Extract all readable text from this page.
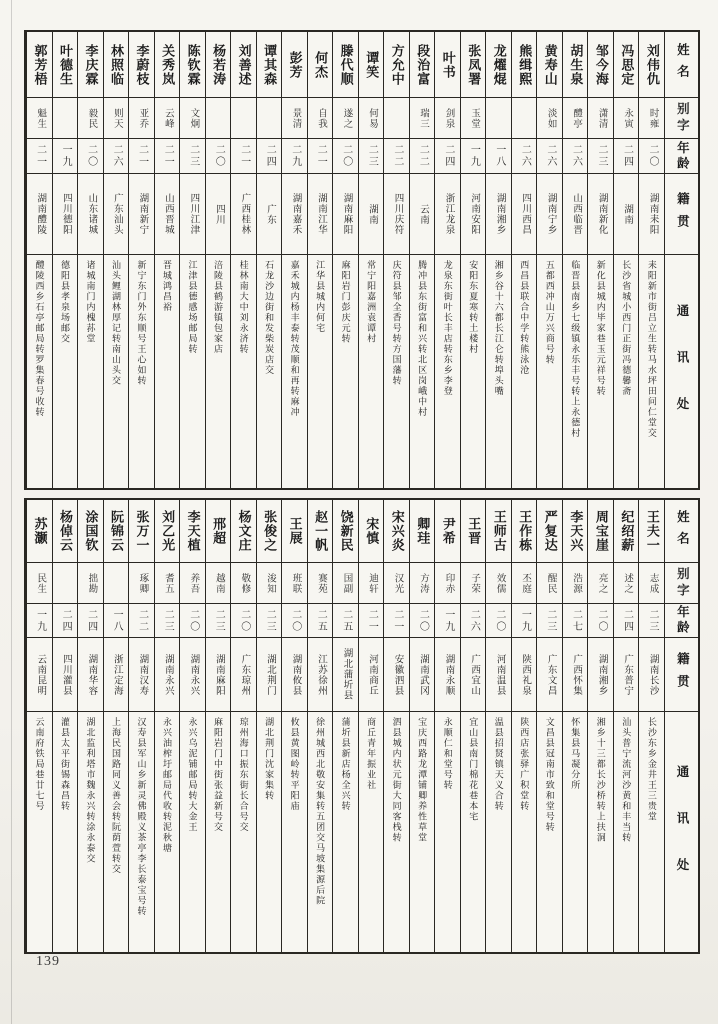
姓名
别字
年龄
籍贯
通讯处
刘伟仇
时雍
二〇
湖南耒阳
耒阳新市街吕立生转马水坪田问仁堂交
冯思定
永寅
二四
湖南
长沙省城小西门正街冯德馨斋
邹今海
潇清
二三
湖南新化
新化县城内毕家巷玉元祥号转
胡生泉
醴亭
二六
山西临晋
临晋县南乡七级镇永乐丰号转上永德村
黄寿山
淡如
二六
湖南宁乡
五都西冲山万兴商号转
熊缉熙
二六
四川西昌
西昌县联合中学转熊泳沧
龙燿焜
一八
湖南湘乡
湘乡谷十六都长江仑转埠头嘴
张凤署
玉堂
一九
河南安阳
安阳东夏寒转土楼村
叶书
剑泉
二四
浙江龙泉
龙泉东街叶长丰店转东乡李登
段治富
瑞三
二二
云南
腾冲县东街富和兴转北区岗峨中村
方允中
二二
四川庆符
庆符县邹全香号转方国藩转
谭笑
何易
二三
湖南
常宁阳嘉洲袁谭村
滕代顺
遂之
二〇
湖南麻阳
麻阳岩门彭庆元转
何杰
自我
二一
湖南江华
江华县城内何宅
彭芳
景清
二九
湖南嘉禾
嘉禾城内杨丰泰转茂顺和再转麻冲
谭其森
二四
广东
石龙沙边街和发柴炭店交
刘善述
二一
广西桂林
桂林南大中刘永济转
杨若涛
二〇
四川
涪陵县鹤游镇包家店
陈钦霖
文炯
二三
四川江津
江津县德感场邮局转
关秀岚
云峰
二一
山西晋城
晋城鸿昌裕
李蔚枝
亚乔
二一
湖南新宁
新宁东门外东顺号王心如转
林照临
则天
二六
广东汕头
汕头鲤湖林厚记转南山头交
李庆霖
毅民
二〇
山东诸城
诸城南门内槐荪堂
叶德生
一九
四川德阳
德阳县孝泉场邮交
郭芳梧
魁生
二一
湖南醴陵
醴陵西乡石亭邮局转罗集春号收转
姓名
别字
年龄
籍贯
通讯处
王夫一
志成
二三
湖南长沙
长沙东乡金井王三贵堂
纪绍薪
述之
二四
广东普宁
汕头普宁流河沙黄和丰当转
周宝崖
亮之
二〇
湖南湘乡
湘乡十三都长沙桥转上扶洞
李天兴
浩源
二七
广西怀集
怀集县马凝分所
严复达
醒民
二三
广东文昌
文昌县冠南市致和堂号转
王作栋
丕庭
一九
陕西礼泉
陕西店张驿广积堂转
王师古
效儒
二〇
河南温县
温县招贤镇天义合转
王晋
子荣
二六
广西宜山
宜山县南门棉花巷本宅
尹希
印赤
一九
湖南永顺
永顺仁和堂号转
卿珪
方涛
二〇
湖南武冈
宝庆西路龙潭铺卿养性草堂
宋兴炎
汉光
二一
安徽泗县
泗县城内状元街大同客栈转
宋慎
迪轩
二一
河南商丘
商丘青年振业社
饶新民
国副
二五
湖北蒲圻县
蒲圻县新店杨全兴转
赵一帆
赛苑
二五
江苏徐州
徐州城西北敬安集转五团交马坡集源后院
王展
班联
二〇
湖南攸县
攸县黄图岭转平阳庙
张俊之
浚知
二三
湖北荆门
湖北荆门沈家集转
杨文庄
敬修
二〇
广东琼州
琼州海口振东街长合号交
邢超
越南
二三
湖南麻阳
麻阳岩门中街张益新号交
李天植
养吾
二〇
湖南永兴
永兴乌泥铺邮局转大金王
刘乙光
耆五
二三
湖南永兴
永兴油榨圩邮局代收转泥秋塘
张万一
琢卿
二二
湖南汉寿
汉寿县军山乡新灵佛殿义茶亭李长泰宝号转
阮锦云
一八
浙江定海
上海民国路同义善会转阮荫萱转交
涂国钦
拙勘
二四
湖南华容
湖北监利塔市魏永兴转涂永泰交
杨倬云
二四
四川灌县
灌县太平街锡森昌转
苏灏
民生
一九
云南昆明
云南府铁局巷廿七号
139
